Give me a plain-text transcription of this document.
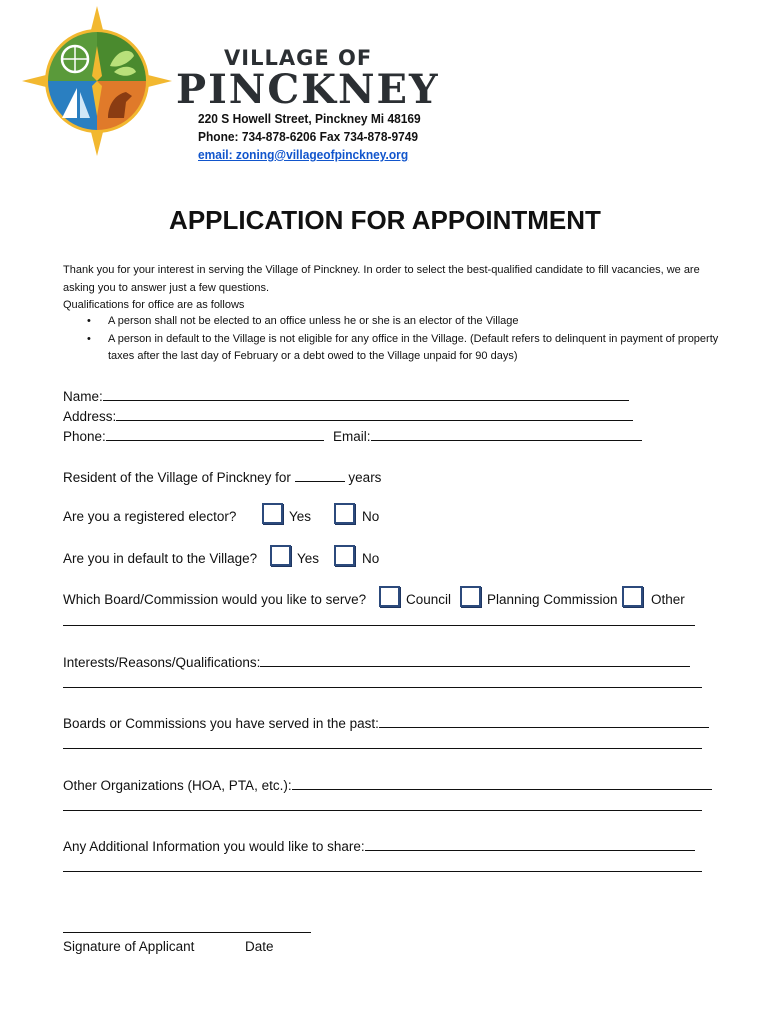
VILLAGE OF
PINCKNEY
220 S Howell Street, Pinckney Mi 48169
Phone: 734-878-6206 Fax 734-878-9749
email: zoning@villageofpinckney.org
APPLICATION FOR APPOINTMENT
Thank you for your interest in serving the Village of Pinckney. In order to select the best-qualified candidate to fill vacancies, we are asking you to answer just a few questions.
Qualifications for office are as follows
• A person shall not be elected to an office unless he or she is an elector of the Village
• A person in default to the Village is not eligible for any office in the Village. (Default refers to delinquent in payment of property taxes after the last day of February or a debt owed to the Village unpaid for 90 days)
Name:
Address:
Phone:	Email:
Resident of the Village of Pinckney for	years
Are you a registered elector?	Yes	No
Are you in default to the Village?	Yes	No
Which Board/Commission would you like to serve?	Council	Planning Commission Other
Interests/Reasons/Qualifications:
Boards or Commissions you have served in the past:
Other Organizations (HOA, PTA, etc.):
Any Additional Information you would like to share:
Signature of Applicant	Date
